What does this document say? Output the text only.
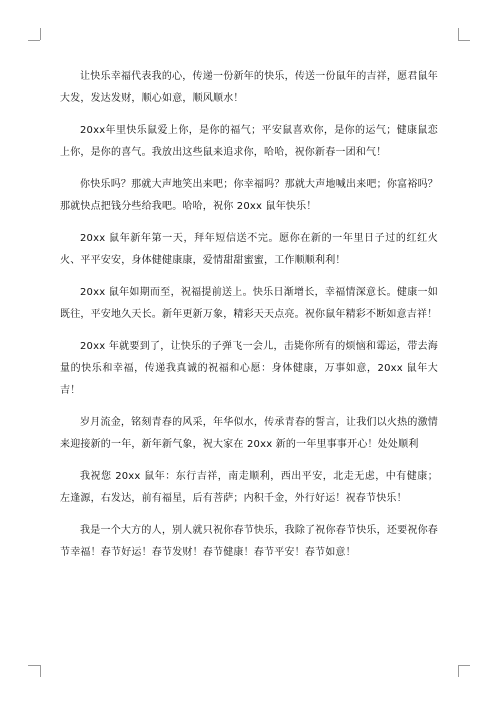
让快乐幸福代表我的心，传递一份新年的快乐，传送一份鼠年的吉祥，愿君鼠年大发，发达发财，顺心如意，顺风顺水！

20xx年里快乐鼠爱上你，是你的福气；平安鼠喜欢你，是你的运气；健康鼠恋上你，是你的喜气。我放出这些鼠来追求你，哈哈，祝你新春一团和气！

你快乐吗？那就大声地笑出来吧；你幸福吗？那就大声地喊出来吧；你富裕吗？那就快点把钱分些给我吧。哈哈，祝你 20xx 鼠年快乐！

20xx 鼠年新年第一天，拜年短信送不完。愿你在新的一年里日子过的红红火火、平平安安，身体健健康康，爱情甜甜蜜蜜，工作顺顺利利！

20xx 鼠年如期而至，祝福提前送上。快乐日渐增长，幸福情深意长。健康一如既往，平安地久天长。新年更新万象，精彩天天点亮。祝你鼠年精彩不断如意吉祥！

20xx 年就要到了，让快乐的子弹飞一会儿，击毙你所有的烦恼和霉运，带去海量的快乐和幸福，传递我真诚的祝福和心愿：身体健康，万事如意，20xx 鼠年大吉！

岁月流金，铭刻青春的风采，年华似水，传承青春的誓言，让我们以火热的激情来迎接新的一年，新年新气象，祝大家在 20xx 新的一年里事事开心！处处顺利

我祝您 20xx 鼠年：东行吉祥，南走顺利，西出平安，北走无虑，中有健康；左逢源，右发达，前有福星，后有菩萨；内积千金，外行好运！祝春节快乐！

我是一个大方的人，别人就只祝你春节快乐，我除了祝你春节快乐，还要祝你春节幸福！春节好运！春节发财！春节健康！春节平安！春节如意！
